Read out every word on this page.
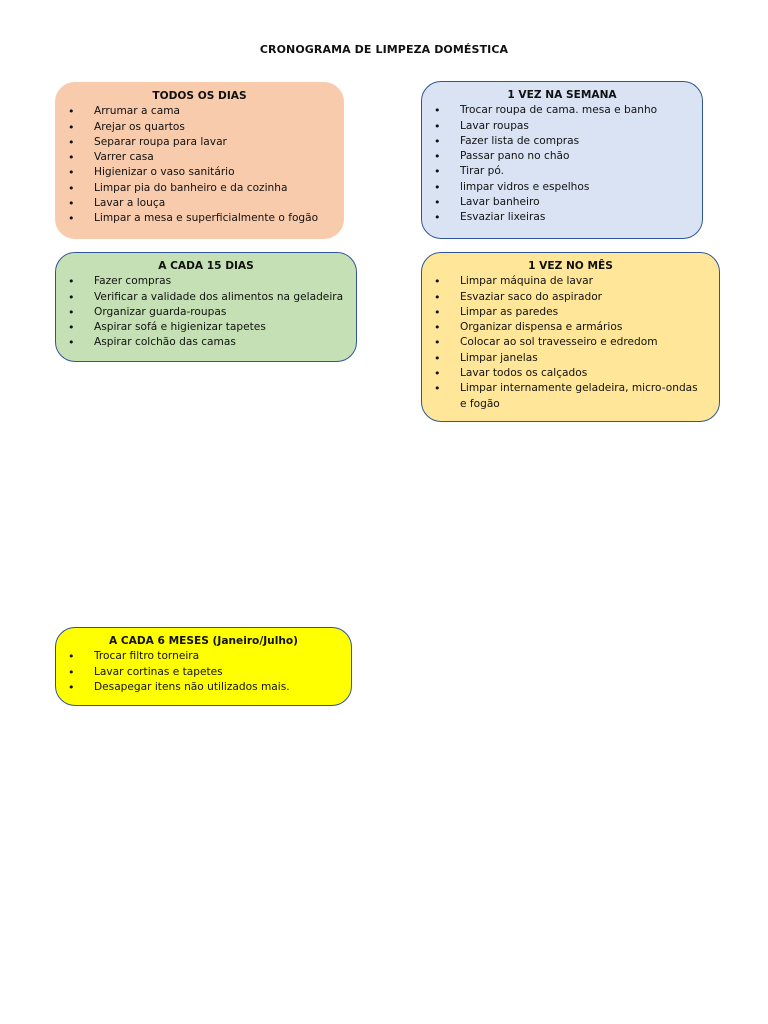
CRONOGRAMA DE LIMPEZA DOMÉSTICA
TODOS OS DIAS
• Arrumar a cama
• Arejar os quartos
• Separar roupa para lavar
• Varrer casa
• Higienizar o vaso sanitário
• Limpar pia do banheiro e da cozinha
• Lavar a louça
• Limpar a mesa e superficialmente o fogão
1 VEZ NA SEMANA
• Trocar roupa de cama. mesa e banho
• Lavar roupas
• Fazer lista de compras
• Passar pano no chão
• Tirar pó.
• limpar vidros e espelhos
• Lavar banheiro
• Esvaziar lixeiras
A CADA 15 DIAS
• Fazer compras
• Verificar a validade dos alimentos na geladeira
• Organizar guarda-roupas
• Aspirar sofá e higienizar tapetes
• Aspirar colchão das camas
1 VEZ NO MÊS
• Limpar máquina de lavar
• Esvaziar saco do aspirador
• Limpar as paredes
• Organizar dispensa e armários
• Colocar ao sol travesseiro e edredom
• Limpar janelas
• Lavar todos os calçados
• Limpar internamente geladeira, micro-ondas e fogão
A CADA 6 MESES (Janeiro/Julho)
• Trocar filtro torneira
• Lavar cortinas e tapetes
• Desapegar itens não utilizados mais.
